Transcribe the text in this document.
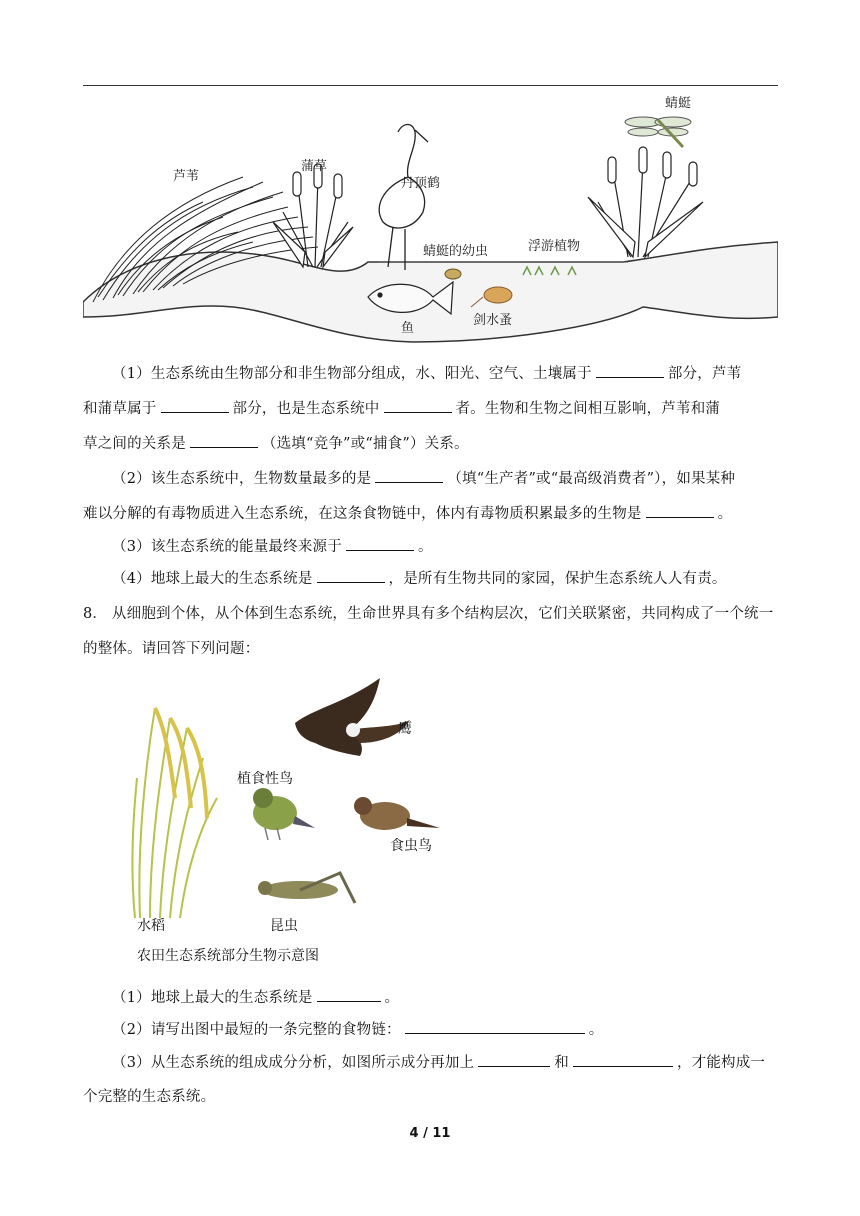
芦苇
蒲草
丹顶鹤
蜻蜓
蜻蜓的幼虫	浮游植物
鱼
剑水蚤
（1）生态系统由生物部分和非生物部分组成，水、阳光、空气、土壤属于	部分，芦苇
和蒲草属于	部分，也是生态系统中	者。生物和生物之间相互影响，芦苇和蒲
草之间的关系是	（选填“竞争”或“捕食”）关系。
（2）该生态系统中，生物数量最多的是	（填“生产者”或“最高级消费者”），如果某种
难以分解的有毒物质进入生态系统，在这条食物链中，体内有毒物质积累最多的生物是	。
（3）该生态系统的能量最终来源于	。
（4）地球上最大的生态系统是	，是所有生物共同的家园，保护生态系统人人有责。
8． 从细胞到个体，从个体到生态系统，生命世界具有多个结构层次，它们关联紧密，共同构成了一个统一的整体。请回答下列问题：
鹰
植食性鸟
食虫鸟
水稻	昆虫
农田生态系统部分生物示意图
（1）地球上最大的生态系统是	。
（2）请写出图中最短的一条完整的食物链：	。
（3）从生态系统的组成成分分析，如图所示成分再加上	和	，才能构成一
个完整的生态系统。
4 / 11
